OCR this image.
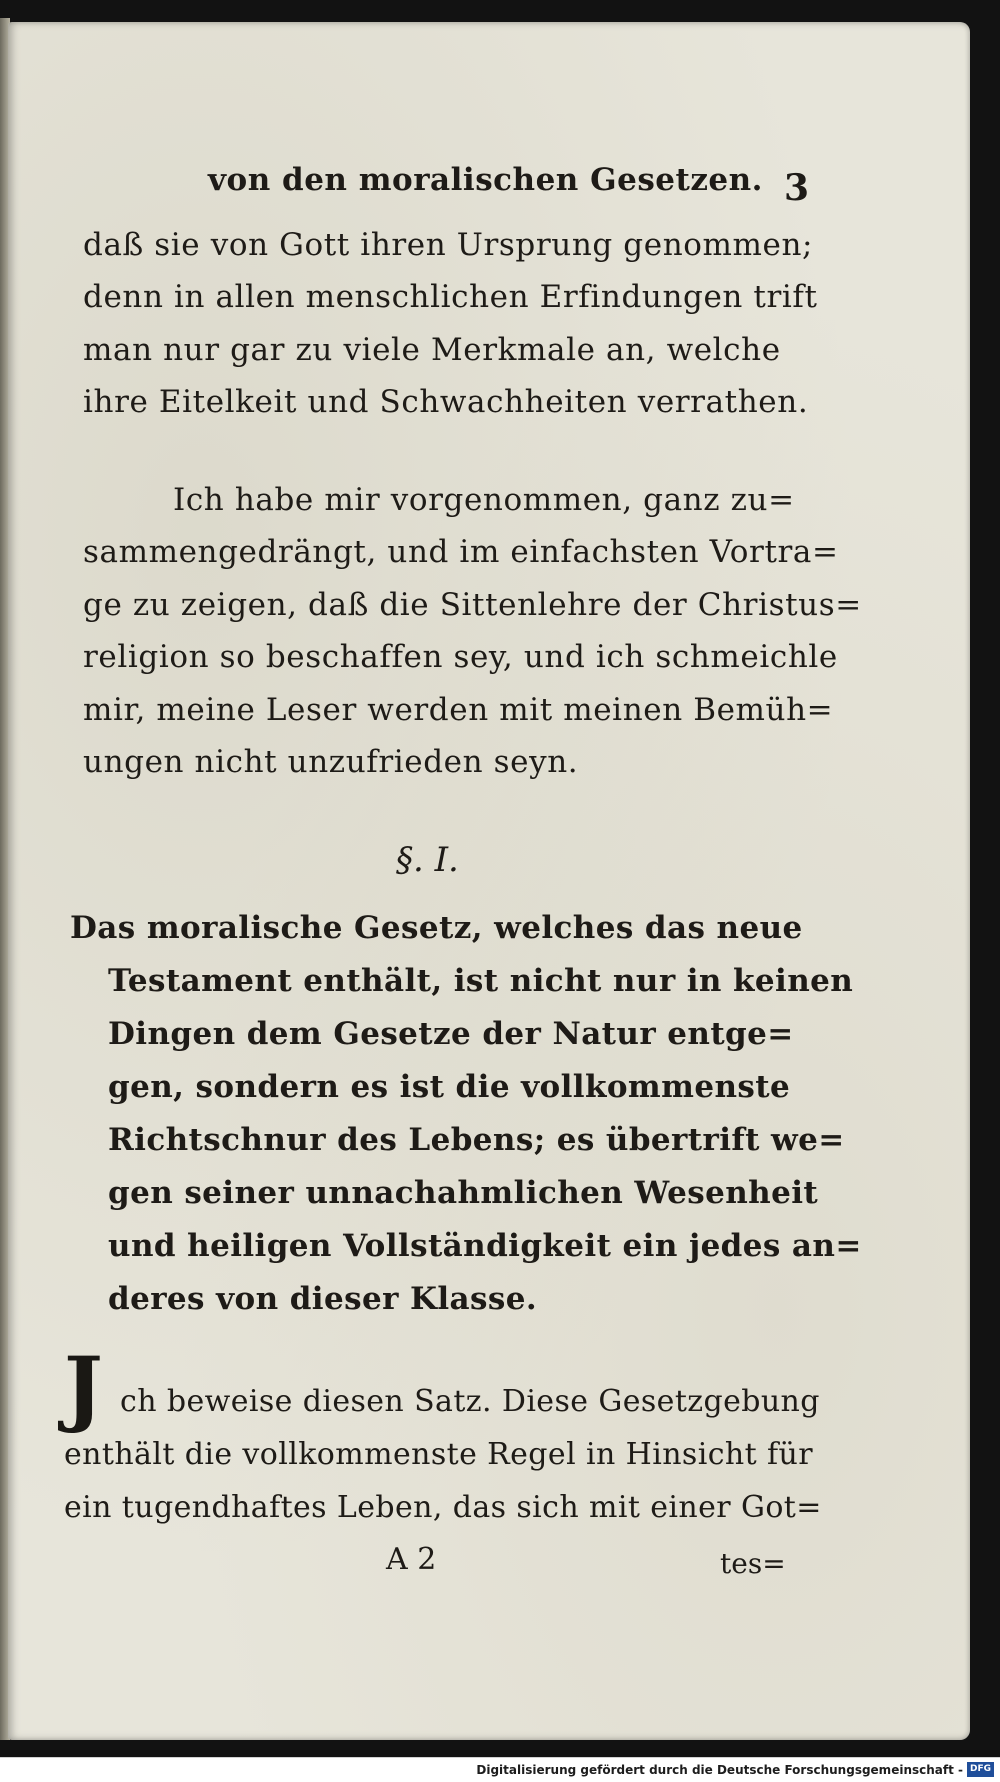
von den moralischen Gesetzen. 3
daß sie von Gott ihren Ursprung genommen;
denn in allen menschlichen Erfindungen trift
man nur gar zu viele Merkmale an, welche
ihre Eitelkeit und Schwachheiten verrathen.
Ich habe mir vorgenommen, ganz zu=
sammengedrängt, und im einfachsten Vortra=
ge zu zeigen, daß die Sittenlehre der Christus=
religion so beschaffen sey, und ich schmeichle
mir, meine Leser werden mit meinen Bemüh=
ungen nicht unzufrieden seyn.
§. I.
Das moralische Gesetz, welches das neue
Testament enthält, ist nicht nur in keinen
Dingen dem Gesetze der Natur entge=
gen, sondern es ist die vollkommenste
Richtschnur des Lebens; es übertrift we=
gen seiner unnachahmlichen Wesenheit
und heiligen Vollständigkeit ein jedes an=
deres von dieser Klasse.
J ch beweise diesen Satz. Diese Gesetzgebung
enthält die vollkommenste Regel in Hinsicht für
ein tugendhaftes Leben, das sich mit einer Got=
A 2	tes=
Digitalisierung gefördert durch die Deutsche Forschungsgemeinschaft - DFG
